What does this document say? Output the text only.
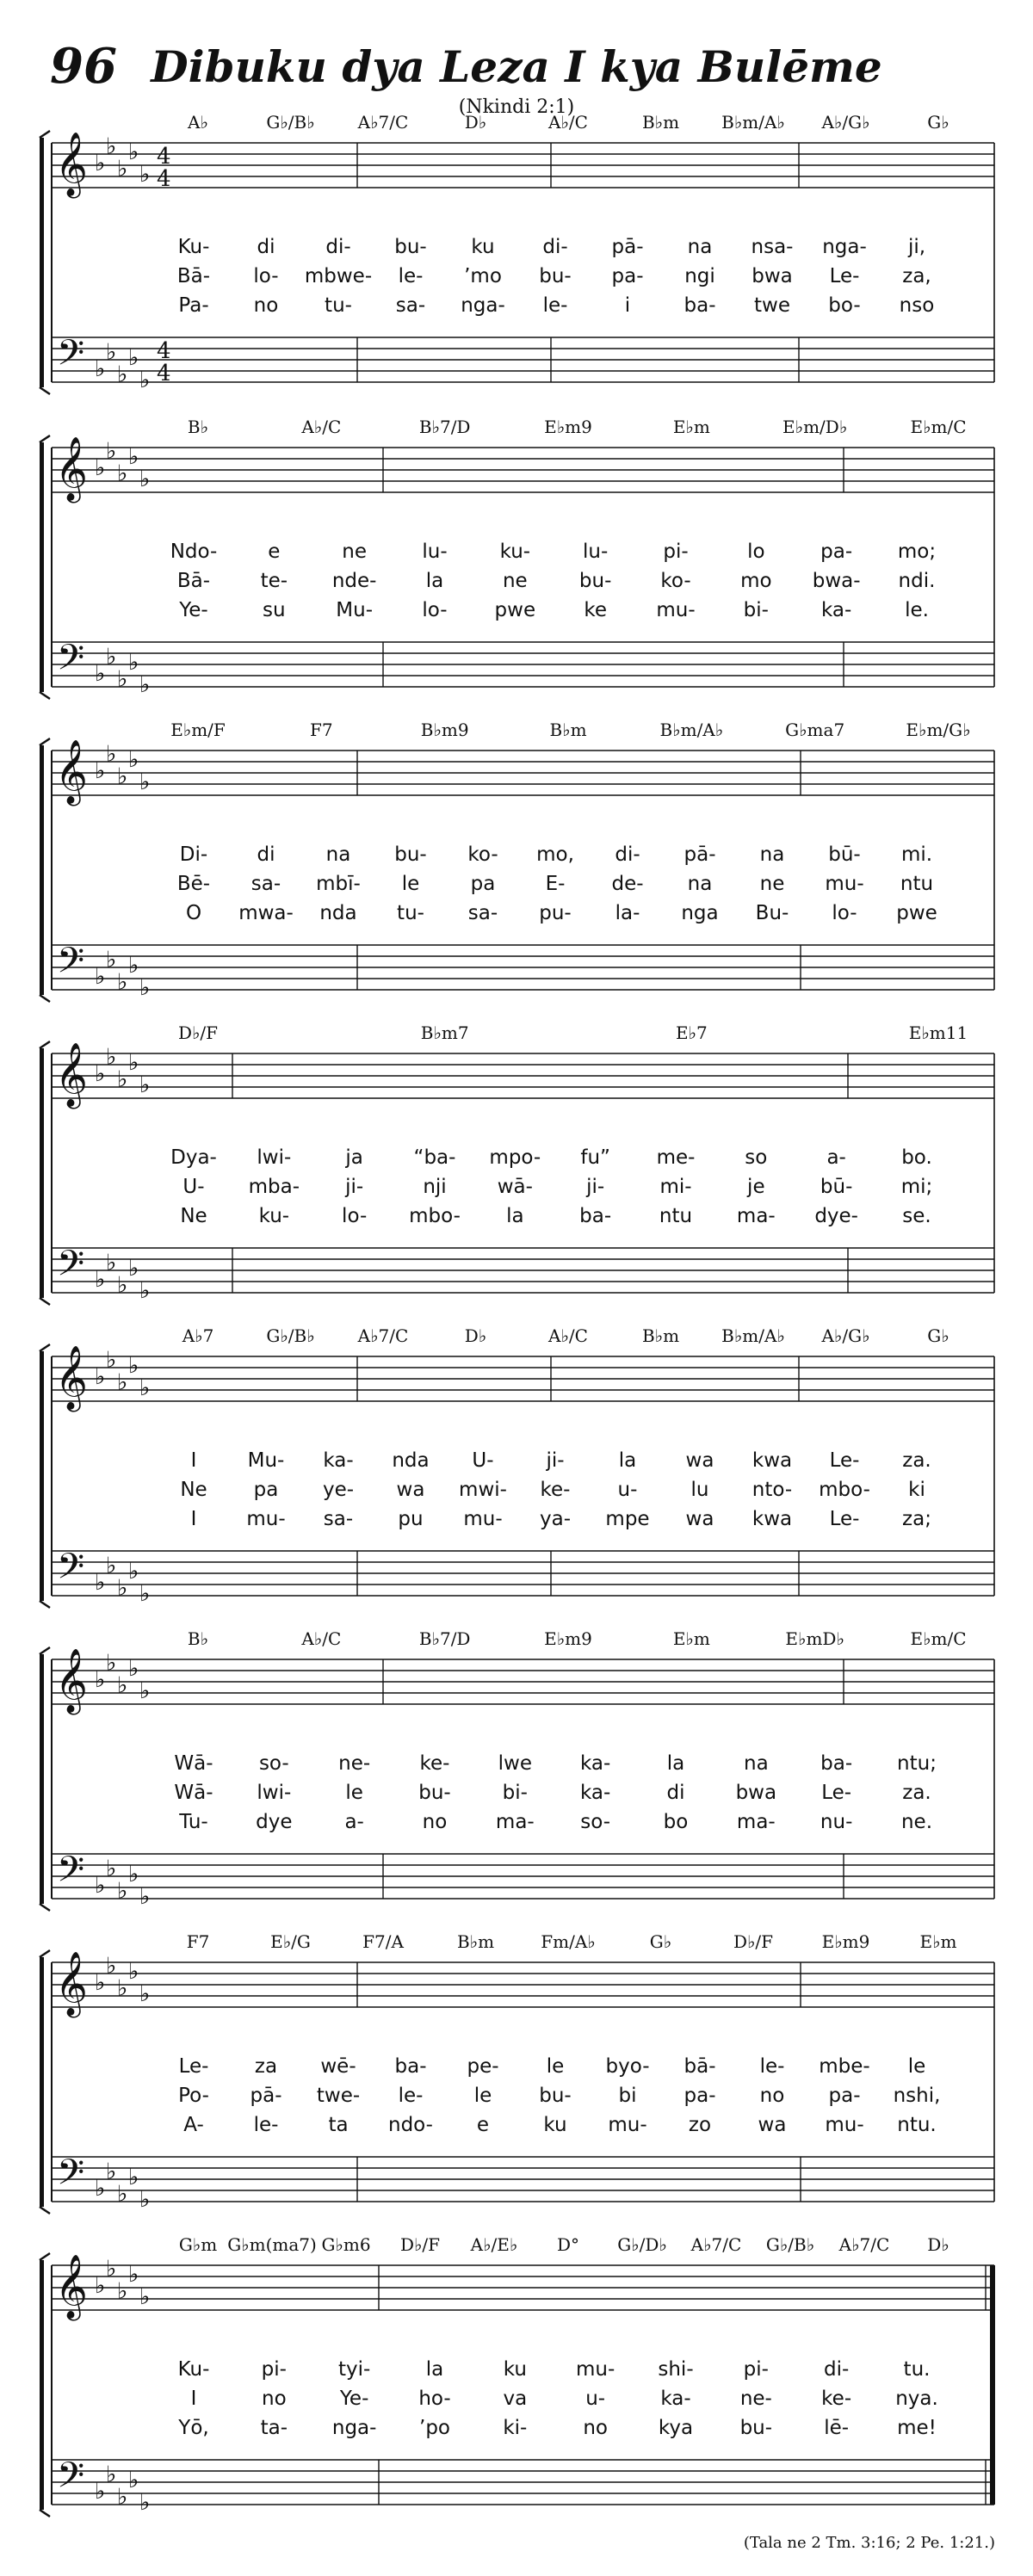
96 Dibuku dya Leza I kya Bulēme
(Nkindi 2:1)
𝄞
𝄢
♭
♭
♭
♭
♭
♭
♭
♭
♭
♭
4
4
4
4
𝄞
𝄢
♭
♭
♭
♭
♭
♭
♭
♭
♭
♭
𝄞
𝄢
♭
♭
♭
♭
♭
♭
♭
♭
♭
♭
𝄞
𝄢
♭
♭
♭
♭
♭
♭
♭
♭
♭
♭
𝄞
𝄢
♭
♭
♭
♭
♭
♭
♭
♭
♭
♭
𝄞
𝄢
♭
♭
♭
♭
♭
♭
♭
♭
♭
♭
𝄞
𝄢
♭
♭
♭
♭
♭
♭
♭
♭
♭
♭
𝄞
𝄢
♭
♭
♭
♭
♭
♭
♭
♭
♭
♭
A♭	G♭/B♭	A♭7/C	D♭	A♭/C	B♭m B♭m/A♭ A♭/G♭	G♭
Ku- di	di- bu- ku di- pā- na nsa- nga- ji,
Bā- lo- mbwe- le- ’mo bu- pa- ngi bwa Le- za,
Pa- no tu- sa- nga- le-	i	ba- twe bo- nso
B♭	A♭/C	B♭7/D	E♭m9	E♭m	E♭m/D♭	E♭m/C
Ndo-	e	ne	lu-	ku-	lu-	pi-	lo	pa- mo;
Bā-	te- nde- la	ne	bu- ko- mo bwa- ndi.
Ye-	su	Mu- lo- pwe ke mu- bi-	ka-	le.
E♭m/F	F7	B♭m9	B♭m	B♭m/A♭	G♭ma7	E♭m/G♭
Di- di	na bu- ko- mo, di- pā- na bū- mi.
Bē- sa- mbī- le	pa	E- de- na ne mu- ntu
O mwa- nda tu- sa- pu- la- nga Bu- lo- pwe
D♭/F	B♭m7	E♭7	E♭m11
Dya- lwi-	ja	“ba- mpo- fu” me-	so	a-	bo.
U- mba- ji-	nji	wā-	ji-	mi-	je	bū- mi;
Ne	ku-	lo- mbo- la	ba- ntu ma- dye- se.
A♭7	G♭/B♭	A♭7/C	D♭	A♭/C	B♭m B♭m/A♭ A♭/G♭	G♭
I	Mu- ka- nda U-	ji-	la wa kwa Le- za.
Ne pa ye- wa mwi- ke- u-	lu nto- mbo- ki
I	mu- sa- pu mu- ya- mpe wa kwa Le- za;
B♭	A♭/C	B♭7/D	E♭m9	E♭m	E♭mD♭	E♭m/C
Wā- so- ne- ke- lwe ka-	la	na	ba- ntu;
Wā- lwi-	le	bu-	bi-	ka-	di	bwa Le-	za.
Tu- dye	a-	no ma- so-	bo ma- nu- ne.
F7	E♭/G	F7/A	B♭m	Fm/A♭	G♭	D♭/F	E♭m9	E♭m
Le- za wē- ba- pe- le byo- bā- le- mbe- le
Po- pā- twe- le-	le bu- bi pa- no pa- nshi,
A-	le-	ta ndo- e	ku mu- zo wa mu- ntu.
G♭m G♭m(ma7) G♭m6 D♭/F A♭/E♭ D° G♭/D♭ A♭7/C G♭/B♭ A♭7/C D♭
Ku-	pi-	tyi-	la	ku mu- shi-	pi-	di-	tu.
I	no	Ye-	ho-	va	u-	ka- ne- ke- nya.
Yō,	ta- nga- ’po	ki-	no	kya bu-	lē- me!
(Tala ne 2 Tm. 3:16; 2 Pe. 1:21.)
